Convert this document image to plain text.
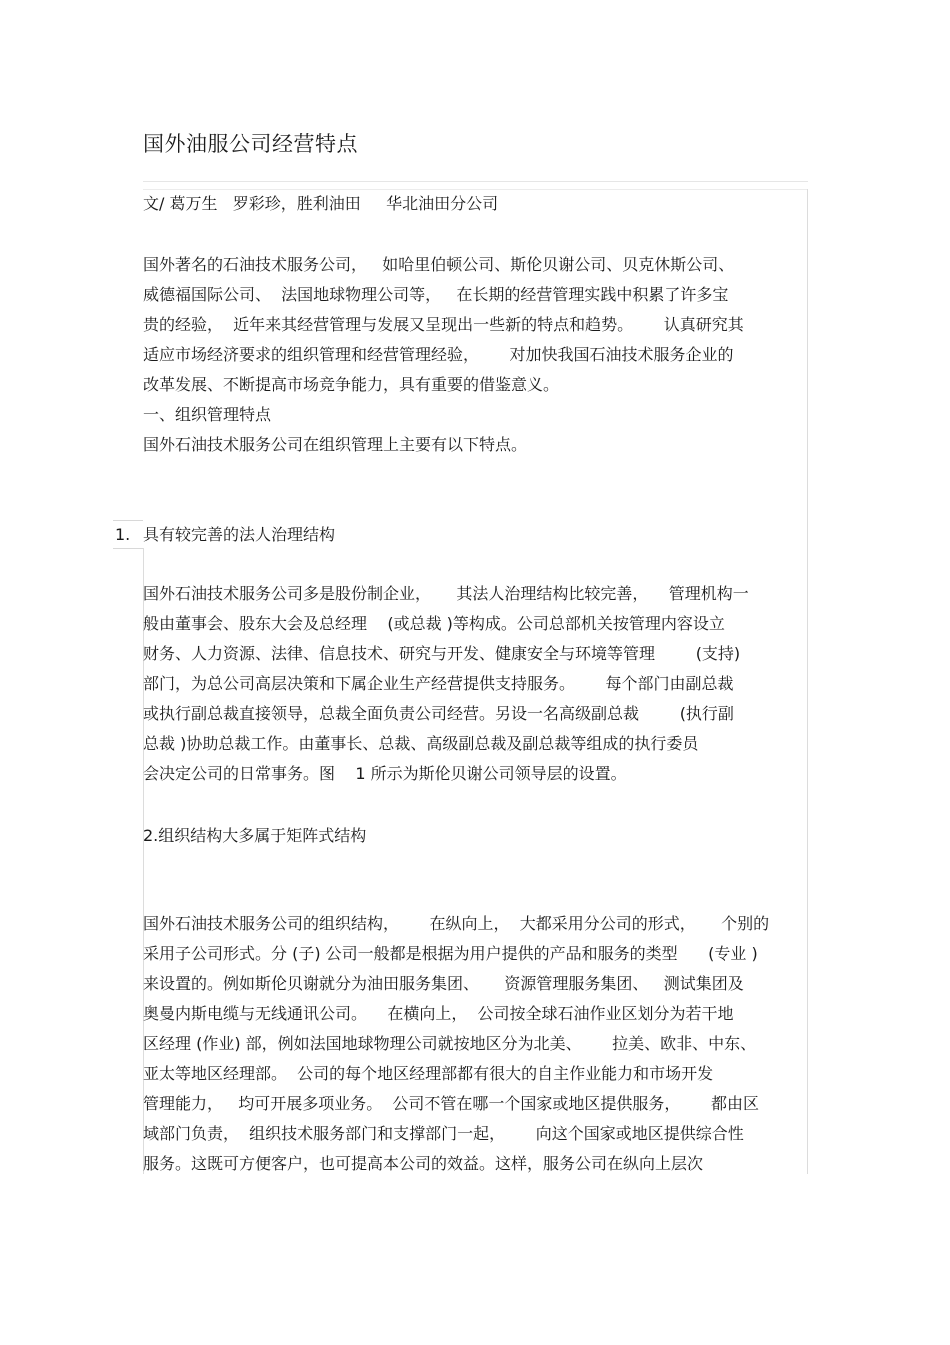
国外油服公司经营特点
文/ 葛万生   罗彩珍，胜利油田     华北油田分公司
国外著名的石油技术服务公司，   如哈里伯顿公司、斯伦贝谢公司、贝克休斯公司、
威德福国际公司、  法国地球物理公司等，   在长期的经营管理实践中积累了许多宝
贵的经验，  近年来其经营管理与发展又呈现出一些新的特点和趋势。      认真研究其
适应市场经济要求的组织管理和经营管理经验，      对加快我国石油技术服务企业的
改革发展、不断提高市场竞争能力，具有重要的借鉴意义。
一、组织管理特点
国外石油技术服务公司在组织管理上主要有以下特点。
1. 具有较完善的法人治理结构
国外石油技术服务公司多是股份制企业，     其法人治理结构比较完善，    管理机构一
般由董事会、股东大会及总经理    (或总裁 )等构成。公司总部机关按管理内容设立
财务、人力资源、法律、信息技术、研究与开发、健康安全与环境等管理        (支持)
部门，为总公司高层决策和下属企业生产经营提供支持服务。      每个部门由副总裁
或执行副总裁直接领导，总裁全面负责公司经营。另设一名高级副总裁        (执行副
总裁 )协助总裁工作。由董事长、总裁、高级副总裁及副总裁等组成的执行委员
会决定公司的日常事务。图    1 所示为斯伦贝谢公司领导层的设置。
2.组织结构大多属于矩阵式结构
国外石油技术服务公司的组织结构，      在纵向上，  大都采用分公司的形式，     个别的
采用子公司形式。分 (子) 公司一般都是根据为用户提供的产品和服务的类型      (专业 )
来设置的。例如斯伦贝谢就分为油田服务集团、     资源管理服务集团、   测试集团及
奥曼内斯电缆与无线通讯公司。    在横向上，  公司按全球石油作业区划分为若干地
区经理 (作业) 部，例如法国地球物理公司就按地区分为北美、      拉美、欧非、中东、
亚太等地区经理部。  公司的每个地区经理部都有很大的自主作业能力和市场开发
管理能力，   均可开展多项业务。  公司不管在哪一个国家或地区提供服务，      都由区
域部门负责，  组织技术服务部门和支撑部门一起，      向这个国家或地区提供综合性
服务。这既可方便客户，也可提高本公司的效益。这样，服务公司在纵向上层次
